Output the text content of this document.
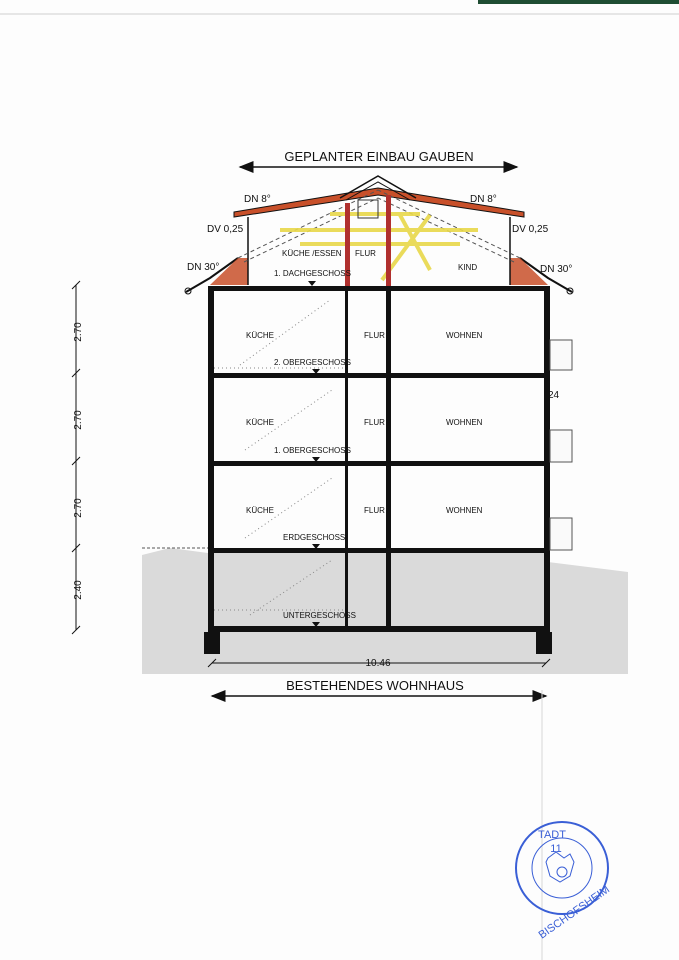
GEPLANTER EINBAU GAUBEN
DN 8°	DN 8°
DV 0,25	DV 0,25
DN 30°	DN 30°
KÜCHE /ESSEN FLUR
KIND
1. DACHGESCHOSS
24
KÜCHE	FLUR	WOHNEN
2. OBERGESCHOSS
KÜCHE	FLUR	WOHNEN
1. OBERGESCHOSS
KÜCHE	FLUR	WOHNEN
ERDGESCHOSS
UNTERGESCHOSS
2.70
2.70
2.70
2.40
10.46
BESTEHENDES WOHNHAUS
TADT
11
BISCHOFSHEIM
